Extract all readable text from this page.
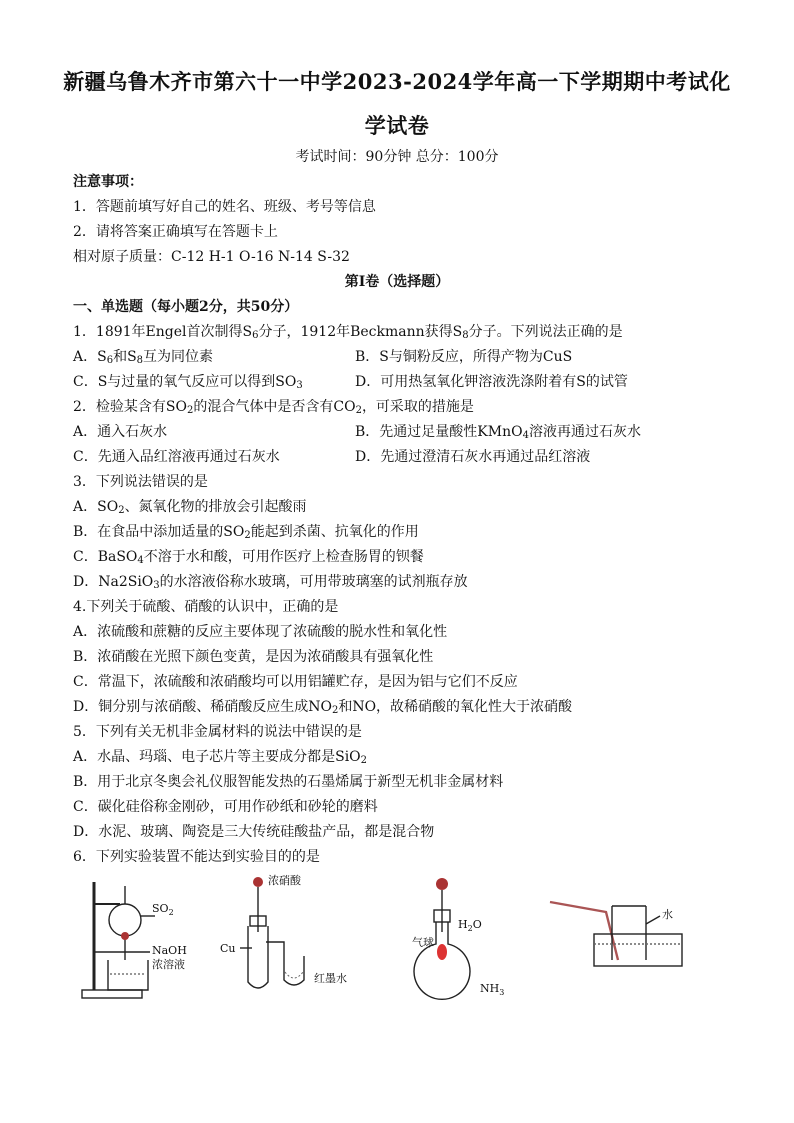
新疆乌鲁木齐市第六十一中学2023-2024学年高一下学期期中考试化
学试卷
考试时间：90分钟 总分：100分
注意事项：
1．答题前填写好自己的姓名、班级、考号等信息
2．请将答案正确填写在答题卡上
相对原子质量：C-12 H-1 O-16 N-14 S-32
第Ⅰ卷（选择题）
一、单选题（每小题2分，共50分）
1．1891年Engel首次制得$S_6$分子，1912年Beckmann获得$S_8$分子。下列说法正确的是
A．$S_6$和$S_8$互为同位素	B．S与铜粉反应，所得产物为CuS
C．S与过量的氧气反应可以得到$SO_3$	D．可用热氢氧化钾溶液洗涤附着有S的试管
2．检验某含有$SO_2$的混合气体中是否含有$CO_2$，可采取的措施是
A．通入石灰水	B．先通过足量酸性KMnO$_4$溶液再通过石灰水
C．先通入品红溶液再通过石灰水	D．先通过澄清石灰水再通过品红溶液
3．下列说法错误的是
A．$SO_2$、氮氧化物的排放会引起酸雨
B．在食品中添加适量的$SO_2$能起到杀菌、抗氧化的作用
C．BaSO$_4$不溶于水和酸，可用作医疗上检查肠胃的钡餐
D．Na2SiO$_3$的水溶液俗称水玻璃，可用带玻璃塞的试剂瓶存放
4.下列关于硫酸、硝酸的认识中，正确的是
A．浓硫酸和蔗糖的反应主要体现了浓硫酸的脱水性和氧化性
B．浓硝酸在光照下颜色变黄，是因为浓硝酸具有强氧化性
C．常温下，浓硫酸和浓硝酸均可以用铝罐贮存，是因为铝与它们不反应
D．铜分别与浓硝酸、稀硝酸反应生成$NO_2$和NO，故稀硝酸的氧化性大于浓硝酸
5．下列有关无机非金属材料的说法中错误的是
A．水晶、玛瑙、电子芯片等主要成分都是SiO$_2$
B．用于北京冬奥会礼仪服智能发热的石墨烯属于新型无机非金属材料
C．碳化硅俗称金刚砂，可用作砂纸和砂轮的磨料
D．水泥、玻璃、陶瓷是三大传统硅酸盐产品，都是混合物
6．下列实验装置不能达到实验目的的是
$SO_2$
NaOH
浓溶液
浓硝酸
Cu
红墨水
$H_2O$
气球
$NH_3$
水
